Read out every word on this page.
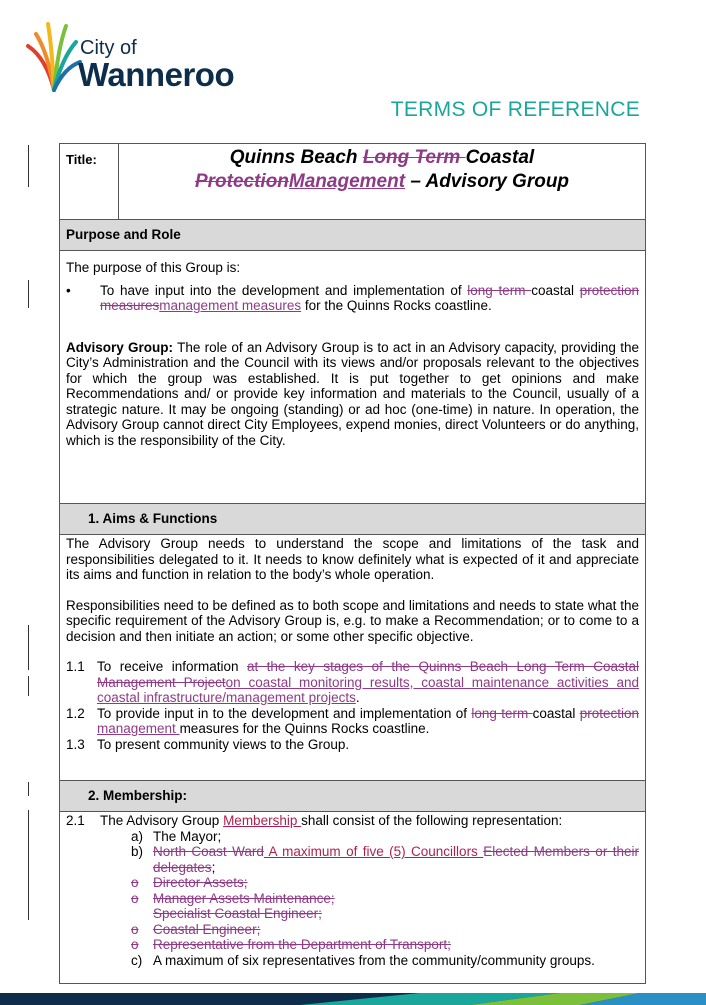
City of
Wanneroo
TERMS OF REFERENCE
Title:	Quinns Beach Long Term Coastal
ProtectionManagement – Advisory Group
Purpose and Role

The purpose of this Group is:

•	To have input into the development and implementation of long term coastal protection measuresmanagement measures for the Quinns Rocks coastline.

Advisory Group: The role of an Advisory Group is to act in an Advisory capacity, providing the City’s Administration and the Council with its views and/or proposals relevant to the objectives for which the group was established. It is put together to get opinions and make Recommendations and/ or provide key information and materials to the Council, usually of a strategic nature. It may be ongoing (standing) or ad hoc (one-time) in nature. In operation, the Advisory Group cannot direct City Employees, expend monies, direct Volunteers or do anything, which is the responsibility of the City.

1. Aims & Functions

The Advisory Group needs to understand the scope and limitations of the task and responsibilities delegated to it. It needs to know definitely what is expected of it and appreciate its aims and function in relation to the body’s whole operation.

Responsibilities need to be defined as to both scope and limitations and needs to state what the specific requirement of the Advisory Group is, e.g. to make a Recommendation; or to come to a decision and then initiate an action; or some other specific objective.

1.1 To receive information at the key stages of the Quinns Beach Long Term Coastal Management Projecton coastal monitoring results, coastal maintenance activities and coastal infrastructure/management projects.
1.2 To provide input in to the development and implementation of long term coastal protection management measures for the Quinns Rocks coastline.
1.3 To present community views to the Group.
2. Membership:
2.1	The Advisory Group Membership shall consist of the following representation:
a) The Mayor;
b) North Coast Ward A maximum of five (5) Councillors Elected Members or their delegates;
o	Director Assets;
o	Manager Assets Maintenance;
Specialist Coastal Engineer;
o	Coastal Engineer;
o	Representative from the Department of Transport;
c) A maximum of six representatives from the community/community groups.
